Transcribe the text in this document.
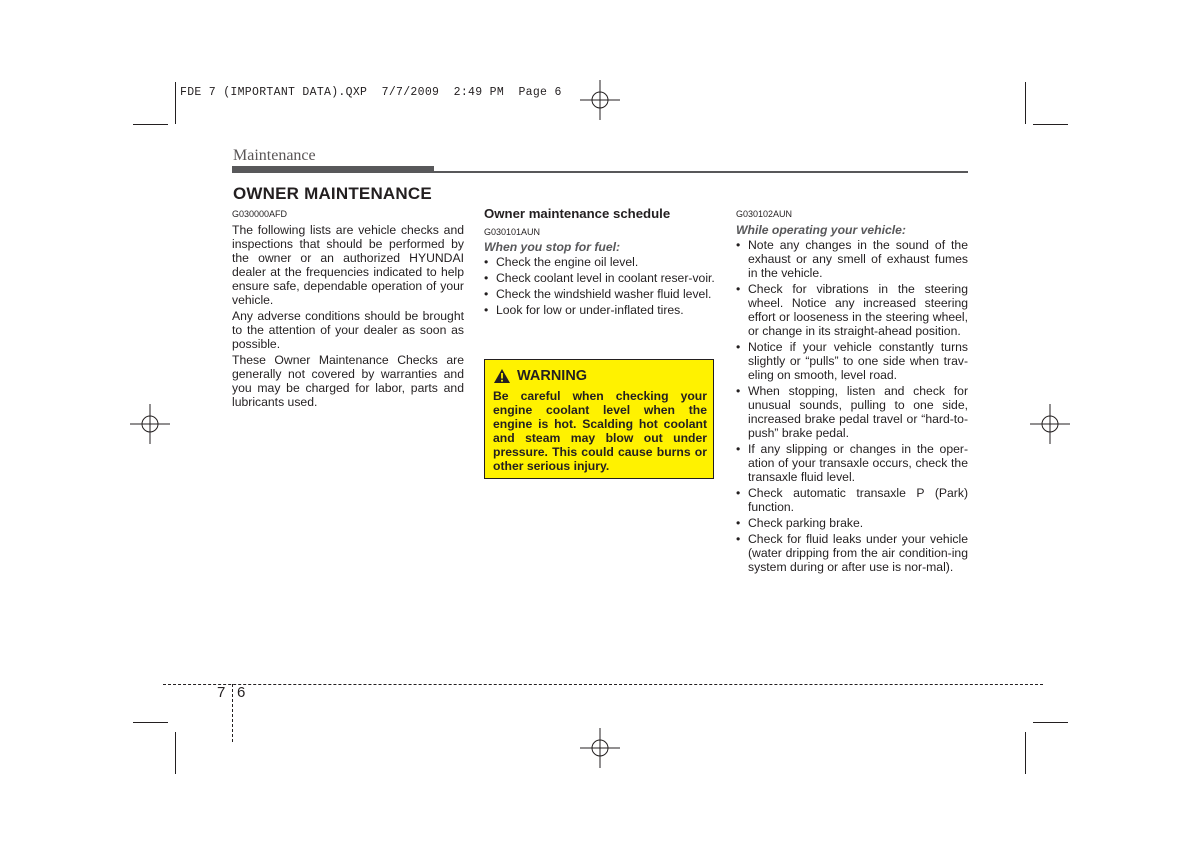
FDE 7 (IMPORTANT DATA).QXP  7/7/2009  2:49 PM  Page 6
Maintenance
OWNER MAINTENANCE
G030000AFD

The following lists are vehicle checks and inspections that should be performed by the owner or an authorized HYUNDAI dealer at the frequencies indicated to help ensure safe, dependable operation of your vehicle.

Any adverse conditions should be brought to the attention of your dealer as soon as possible.

These Owner Maintenance Checks are generally not covered by warranties and you may be charged for labor, parts and lubricants used.

Owner maintenance schedule
G030101AUN
When you stop for fuel:
• Check the engine oil level.
• Check coolant level in coolant reser-voir.
• Check the windshield washer fluid level.
• Look for low or under-inflated tires.
WARNING
Be careful when checking your engine coolant level when the engine is hot. Scalding hot coolant and steam may blow out under pressure. This could cause burns or other serious injury.
G030102AUN
While operating your vehicle:
• Note any changes in the sound of the exhaust or any smell of exhaust fumes in the vehicle.
• Check for vibrations in the steering wheel. Notice any increased steering effort or looseness in the steering wheel, or change in its straight-ahead position.
• Notice if your vehicle constantly turns slightly or “pulls” to one side when trav-eling on smooth, level road.
• When stopping, listen and check for unusual sounds, pulling to one side, increased brake pedal travel or “hard-to-push” brake pedal.
• If any slipping or changes in the oper-ation of your transaxle occurs, check the transaxle fluid level.
• Check automatic transaxle P (Park) function.
• Check parking brake.
• Check for fluid leaks under your vehicle (water dripping from the air condition-ing system during or after use is nor-mal).
7 6
